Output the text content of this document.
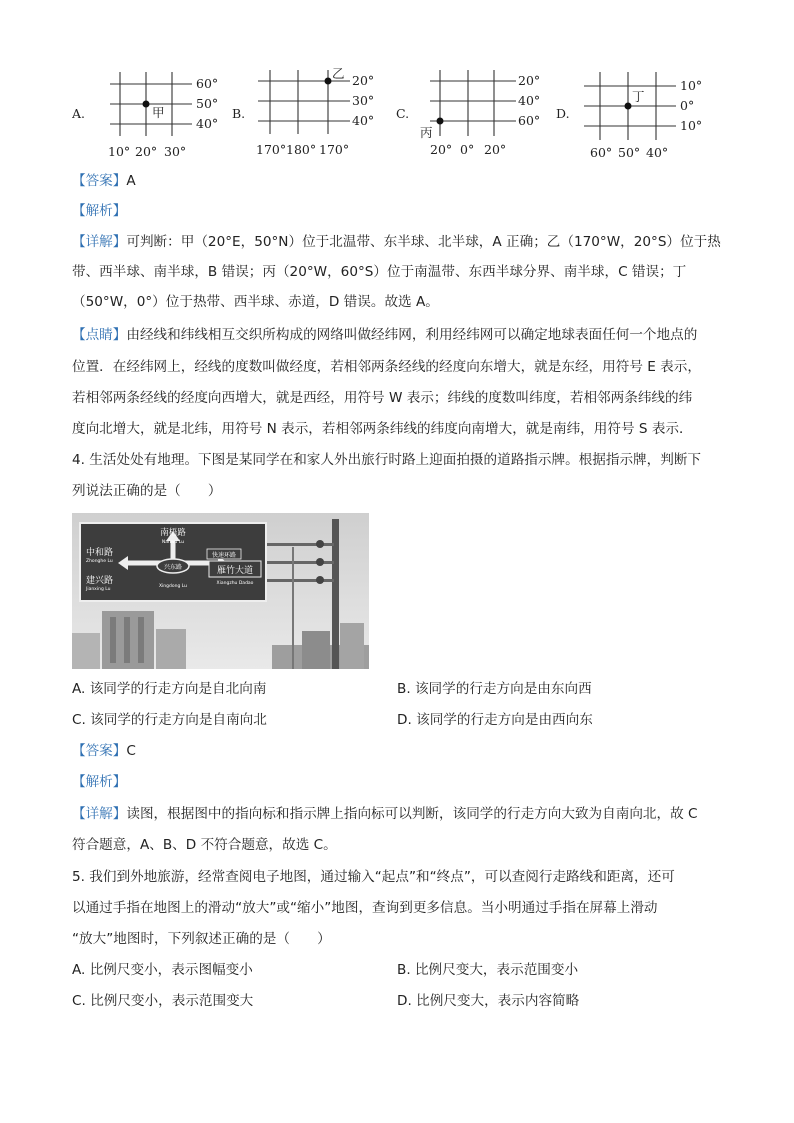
A.	甲
60°
50°
40°
10° 20° 30°
B.
乙 20°
30°
40°
170° 180° 170°
C.
丙
20°
40°
60°
20° 0° 20°
D.
丁
10°
0°
10°
60° 50° 40°
【答案】A
【解析】
【详解】可判断：甲（20°E，50°N）位于北温带、东半球、北半球，A 正确；乙（170°W，20°S）位于热
带、西半球、南半球，B 错误；丙（20°W，60°S）位于南温带、东西半球分界、南半球，C 错误；丁
（50°W，0°）位于热带、西半球、赤道，D 错误。故选 A。
【点睛】由经线和纬线相互交织所构成的网络叫做经纬网，利用经纬网可以确定地球表面任何一个地点的
位置．在经纬网上，经线的度数叫做经度，若相邻两条经线的经度向东增大，就是东经，用符号 E 表示，
若相邻两条经线的经度向西增大，就是西经，用符号 W 表示；纬线的度数叫纬度，若相邻两条纬线的纬
度向北增大，就是北纬，用符号 N 表示，若相邻两条纬线的纬度向南增大，就是南纬，用符号 S 表示．
4. 生活处处有地理。下图是某同学在和家人外出旅行时路上迎面拍摄的道路指示牌。根据指示牌，判断下
列说法正确的是（　　）
南梧路
Nanwu Lu
中和路
Zhonghe Lu
建兴路
Jianxing Lu
兴东路
Xingdong Lu
快速环路
雁竹大道
Xiangzhu Dadao
A. 该同学的行走方向是自北向南	B. 该同学的行走方向是由东向西
C. 该同学的行走方向是自南向北	D. 该同学的行走方向是由西向东
【答案】C
【解析】
【详解】读图，根据图中的指向标和指示牌上指向标可以判断，该同学的行走方向大致为自南向北，故 C
符合题意，A、B、D 不符合题意，故选 C。
5. 我们到外地旅游，经常查阅电子地图，通过输入“起点”和“终点”，可以查阅行走路线和距离，还可
以通过手指在地图上的滑动“放大”或“缩小”地图，查询到更多信息。当小明通过手指在屏幕上滑动
“放大”地图时，下列叙述正确的是（　　）
A. 比例尺变小，表示图幅变小	B. 比例尺变大，表示范围变小
C. 比例尺变小，表示范围变大	D. 比例尺变大，表示内容简略
